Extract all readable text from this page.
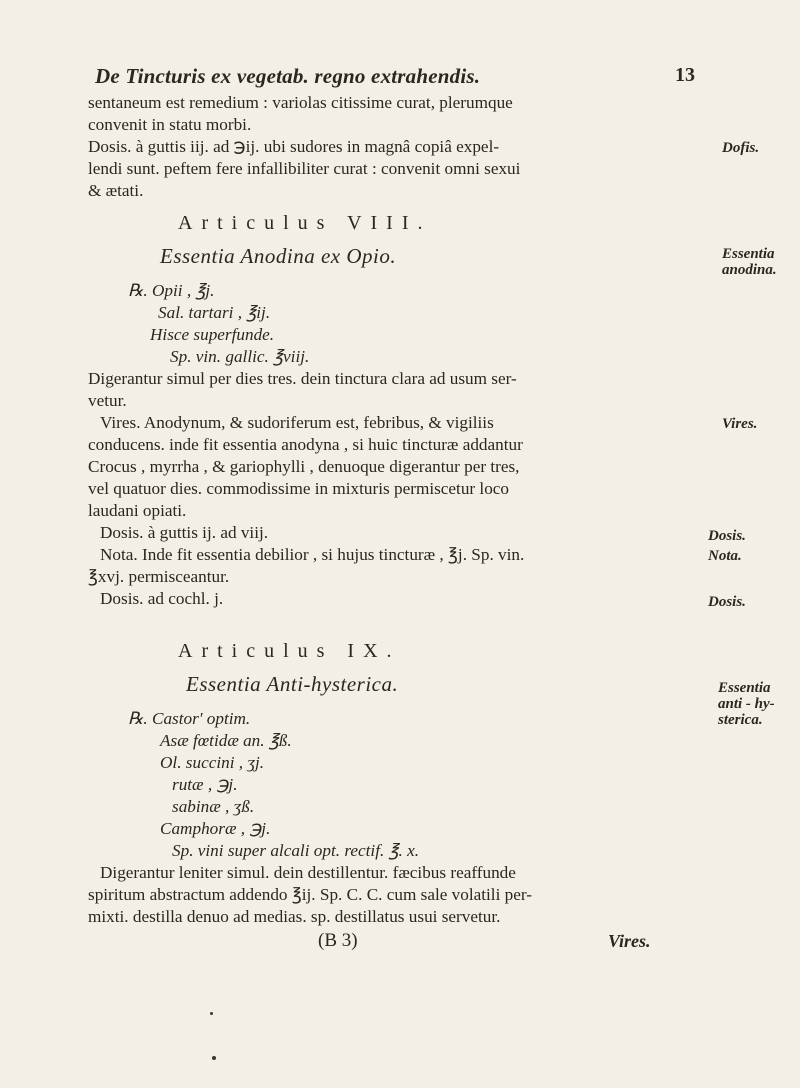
De Tincturis ex vegetab. regno extrahendis.	13
sentaneum est remedium : variolas citissime curat, plerumque
convenit in statu morbi.
Dosis. à guttis iij. ad ℈ij. ubi sudores in magnâ copiâ expel-
lendi sunt. peftem fere infallibiliter curat : convenit omni sexui
& ætati.
Dofis.
Articulus VIII.
Essentia Anodina ex Opio.	Essentia
anodina.
℞. Opii , ℥j.
Sal. tartari , ℥ij.
Hisce superfunde.
Sp. vin. gallic. ℥viij.
Digerantur simul per dies tres. dein tinctura clara ad usum ser-
vetur.
Vires. Anodynum, & sudoriferum est, febribus, & vigiliis
conducens. inde fit essentia anodyna , si huic tincturæ addantur
Crocus , myrrha , & gariophylli , denuoque digerantur per tres,
vel quatuor dies. commodissime in mixturis permiscetur loco
laudani opiati.
Dosis. à guttis ij. ad viij.
Nota. Inde fit essentia debilior , si hujus tincturæ , ℥j. Sp. vin.
℥xvj. permisceantur.
Dosis. ad cochl. j.
Vires.
Dosis.
Nota.
Dosis.
Articulus IX.
Essentia Anti-hysterica.	Essentia
anti - hy-
sterica.
℞. Castor' optim.
Asæ fœtidæ an. ℥ß.
Ol. succini , ʒj.
rutæ , ℈j.
sabinæ , ʒß.
Camphoræ , ℈j.
Sp. vini super alcali opt. rectif. ℥. x.
Digerantur leniter simul. dein destillentur. fæcibus reaffunde
spiritum abstractum addendo ℥ij. Sp. C. C. cum sale volatili per-
mixti. destilla denuo ad medias. sp. destillatus usui servetur.
(B 3)	Vires.
